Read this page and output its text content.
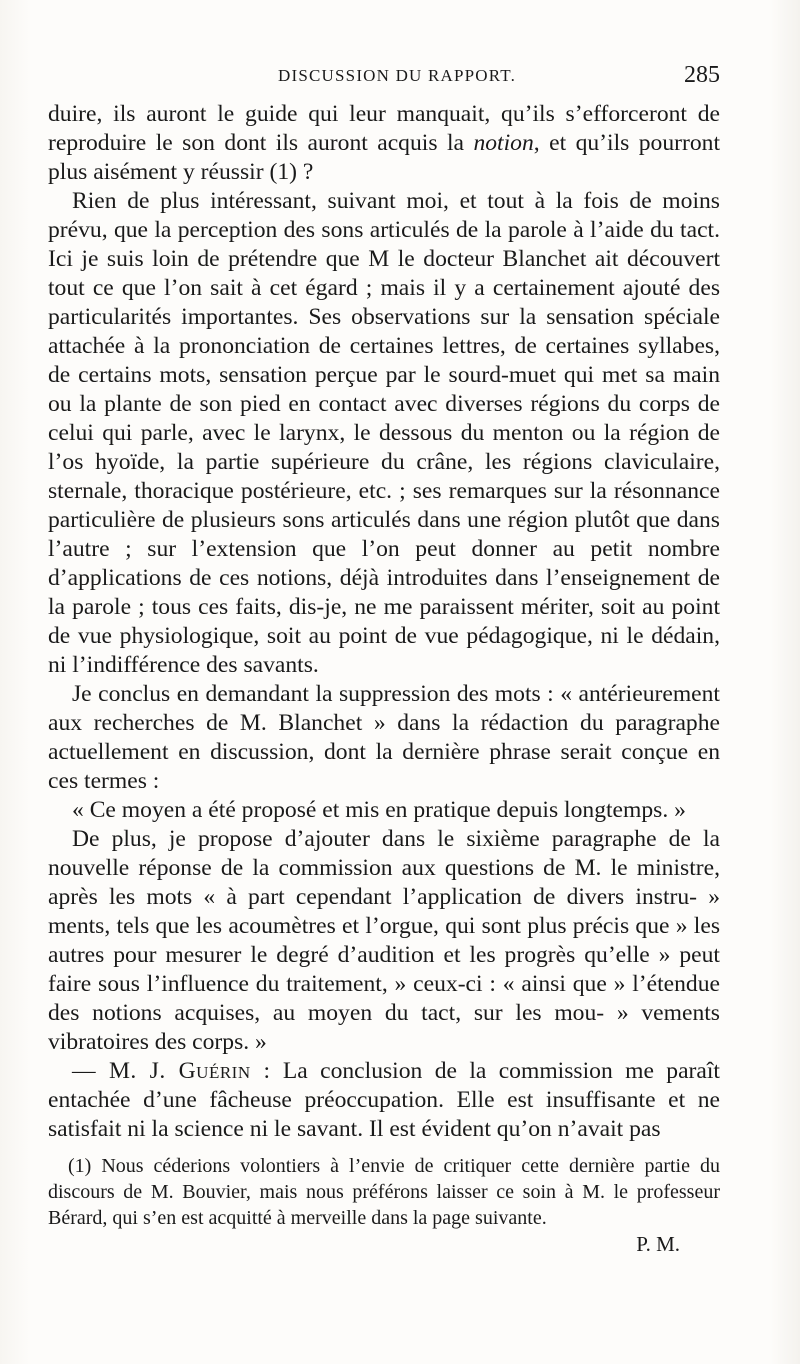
DISCUSSION DU RAPPORT.	285

duire, ils auront le guide qui leur manquait, qu’ils s’efforceront de reproduire le son dont ils auront acquis la notion, et qu’ils pourront plus aisément y réussir (1) ?

Rien de plus intéressant, suivant moi, et tout à la fois de moins prévu, que la perception des sons articulés de la parole à l’aide du tact. Ici je suis loin de prétendre que M le docteur Blanchet ait découvert tout ce que l’on sait à cet égard ; mais il y a certainement ajouté des particularités importantes. Ses observations sur la sensation spéciale attachée à la prononciation de certaines lettres, de certaines syllabes, de certains mots, sensation perçue par le sourd-muet qui met sa main ou la plante de son pied en contact avec diverses régions du corps de celui qui parle, avec le larynx, le dessous du menton ou la région de l’os hyoïde, la partie supérieure du crâne, les régions claviculaire, sternale, thoracique postérieure, etc. ; ses remarques sur la résonnance particulière de plusieurs sons articulés dans une région plutôt que dans l’autre ; sur l’extension que l’on peut donner au petit nombre d’applications de ces notions, déjà introduites dans l’enseignement de la parole ; tous ces faits, dis-je, ne me paraissent mériter, soit au point de vue physiologique, soit au point de vue pédagogique, ni le dédain, ni l’indifférence des savants.

Je conclus en demandant la suppression des mots : « antérieurement aux recherches de M. Blanchet » dans la rédaction du paragraphe actuellement en discussion, dont la dernière phrase serait conçue en ces termes :

« Ce moyen a été proposé et mis en pratique depuis longtemps. »

De plus, je propose d’ajouter dans le sixième paragraphe de la nouvelle réponse de la commission aux questions de M. le ministre, après les mots « à part cependant l’application de divers instru- » ments, tels que les acoumètres et l’orgue, qui sont plus précis que » les autres pour mesurer le degré d’audition et les progrès qu’elle » peut faire sous l’influence du traitement, » ceux-ci : « ainsi que » l’étendue des notions acquises, au moyen du tact, sur les mou- » vements vibratoires des corps. »

— M. J. Guérin : La conclusion de la commission me paraît entachée d’une fâcheuse préoccupation. Elle est insuffisante et ne satisfait ni la science ni le savant. Il est évident qu’on n’avait pas

(1) Nous céderions volontiers à l’envie de critiquer cette dernière partie du discours de M. Bouvier, mais nous préférons laisser ce soin à M. le professeur Bérard, qui s’en est acquitté à merveille dans la page suivante.

P. M.
